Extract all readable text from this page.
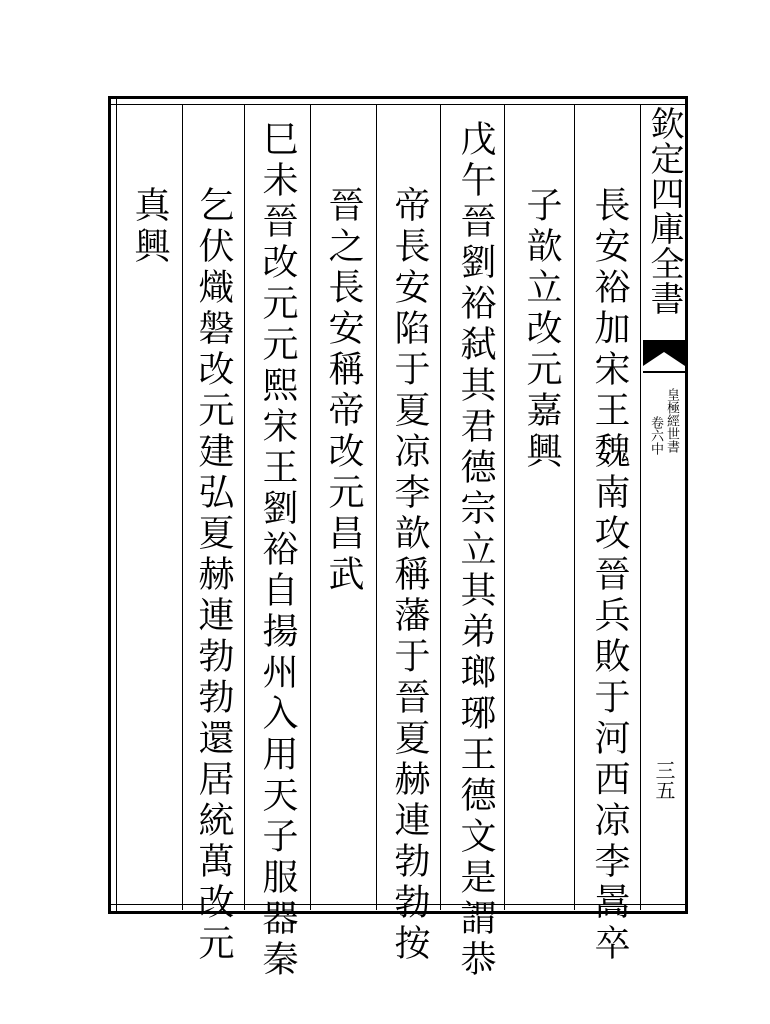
欽定四庫全書
皇極經世書
卷六中
三五
長安裕加宋王魏南攻晉兵敗于河西凉李暠卒
子歆立改元嘉興
戊午晉劉裕弑其君德宗立其弟瑯琊王德文是謂恭
帝長安陷于夏凉李歆稱藩于晉夏赫連勃勃按
晉之長安稱帝改元昌武
巳未晉改元元熙宋王劉裕自揚州入用天子服器秦
乞伏熾磐改元建弘夏赫連勃勃還居統萬改元
真興
